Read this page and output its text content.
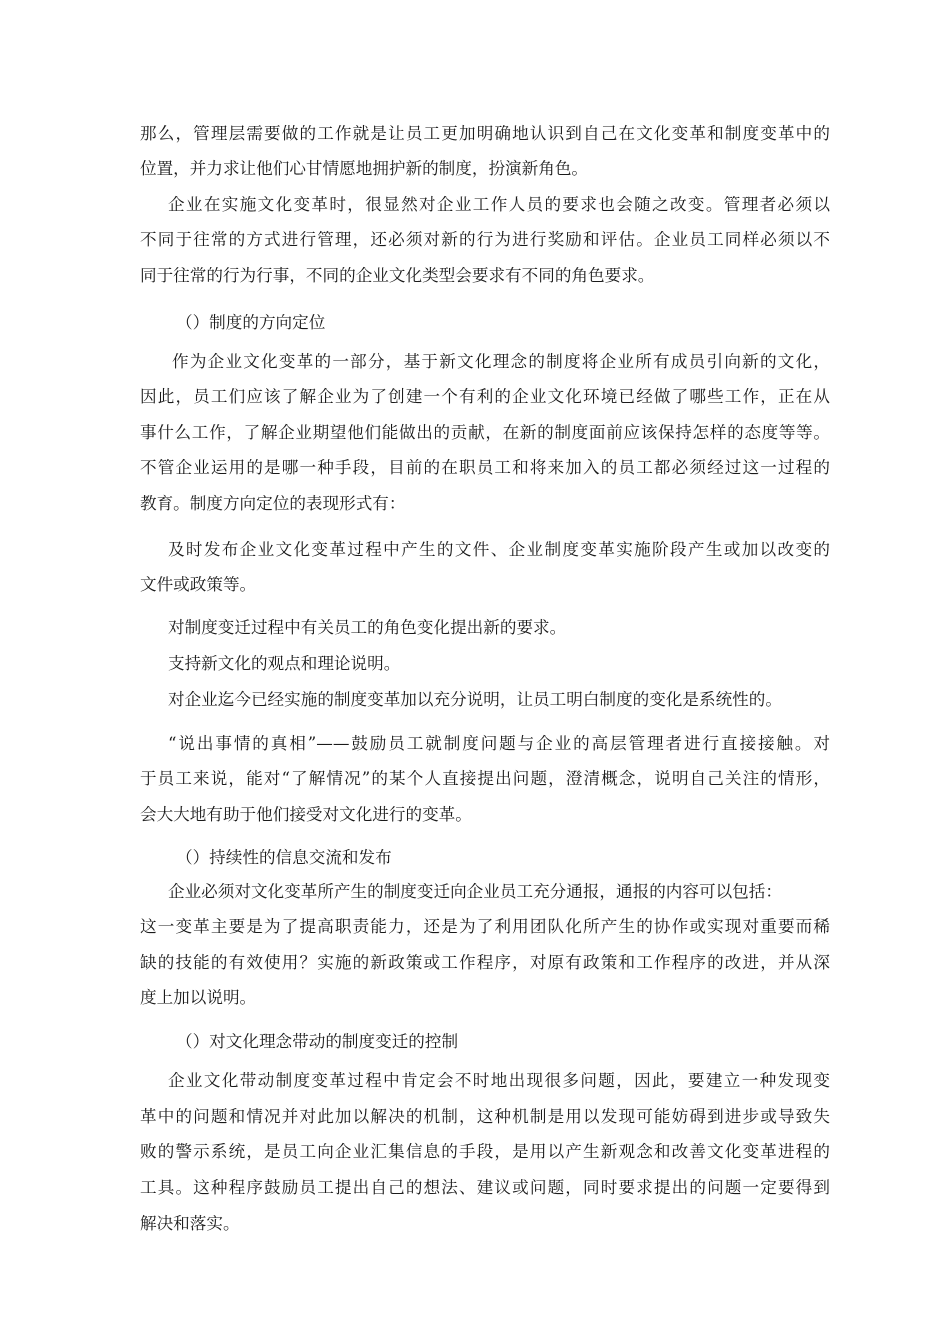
那么，管理层需要做的工作就是让员工更加明确地认识到自己在文化变革和制度变革中的
位置，并力求让他们心甘情愿地拥护新的制度，扮演新角色。
企业在实施文化变革时，很显然对企业工作人员的要求也会随之改变。管理者必须以
不同于往常的方式进行管理，还必须对新的行为进行奖励和评估。企业员工同样必须以不
同于往常的行为行事，不同的企业文化类型会要求有不同的角色要求。
（）制度的方向定位
作为企业文化变革的一部分，基于新文化理念的制度将企业所有成员引向新的文化，
因此，员工们应该了解企业为了创建一个有利的企业文化环境已经做了哪些工作，正在从
事什么工作，了解企业期望他们能做出的贡献，在新的制度面前应该保持怎样的态度等等。
不管企业运用的是哪一种手段，目前的在职员工和将来加入的员工都必须经过这一过程的
教育。制度方向定位的表现形式有：
及时发布企业文化变革过程中产生的文件、企业制度变革实施阶段产生或加以改变的
文件或政策等。
对制度变迁过程中有关员工的角色变化提出新的要求。
支持新文化的观点和理论说明。
对企业迄今已经实施的制度变革加以充分说明，让员工明白制度的变化是系统性的。
“说出事情的真相”——鼓励员工就制度问题与企业的高层管理者进行直接接触。对
于员工来说，能对“了解情况”的某个人直接提出问题，澄清概念，说明自己关注的情形，
会大大地有助于他们接受对文化进行的变革。
（）持续性的信息交流和发布
企业必须对文化变革所产生的制度变迁向企业员工充分通报，通报的内容可以包括：
这一变革主要是为了提高职责能力，还是为了利用团队化所产生的协作或实现对重要而稀
缺的技能的有效使用？实施的新政策或工作程序，对原有政策和工作程序的改进，并从深
度上加以说明。
（）对文化理念带动的制度变迁的控制
企业文化带动制度变革过程中肯定会不时地出现很多问题，因此，要建立一种发现变
革中的问题和情况并对此加以解决的机制，这种机制是用以发现可能妨碍到进步或导致失
败的警示系统，是员工向企业汇集信息的手段，是用以产生新观念和改善文化变革进程的
工具。这种程序鼓励员工提出自己的想法、建议或问题，同时要求提出的问题一定要得到
解决和落实。
